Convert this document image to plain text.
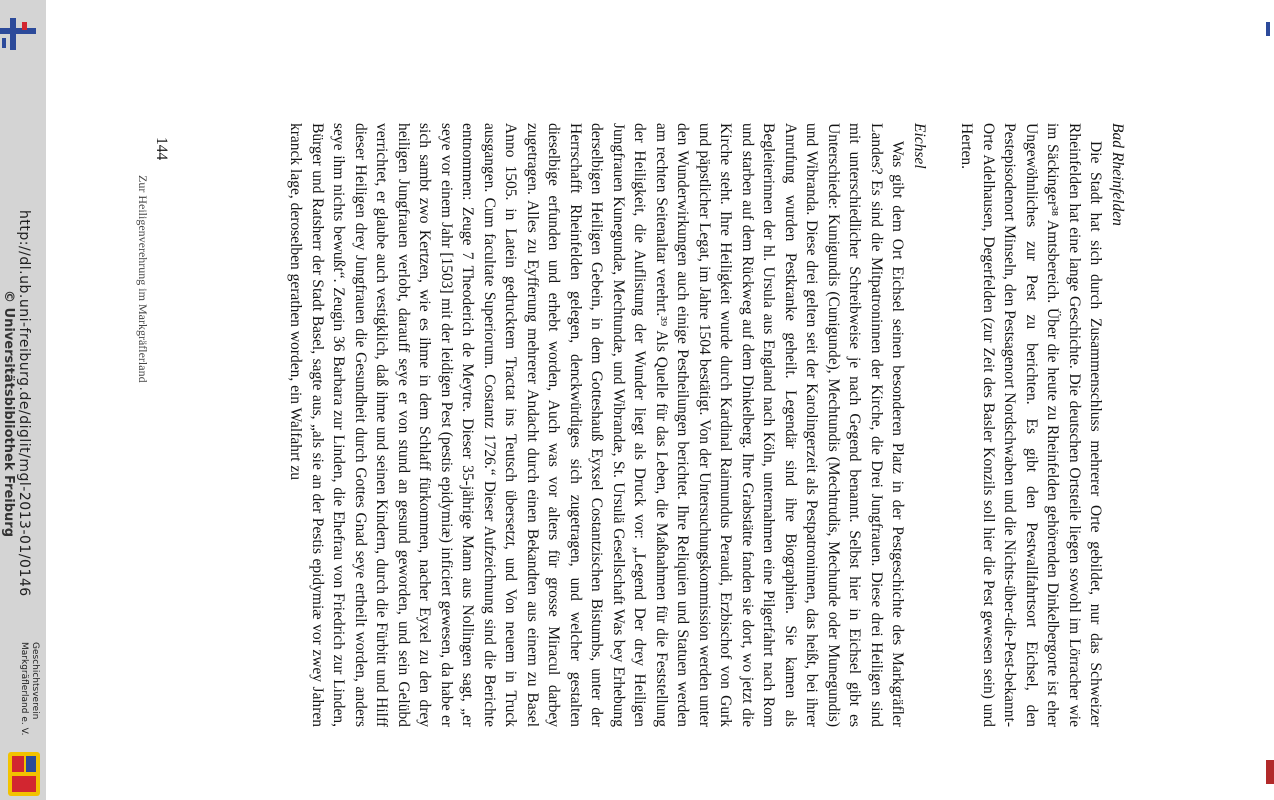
http://dl.ub.uni-freiburg.de/diglit/mgl-2013-01/0146
© Universitätsbibliothek Freiburg
Geschichtsverein
Markgräflerland e. V.
Zur Heiligenverehrung im Markgräflerland
Bad Rheinfelden

Die Stadt hat sich durch Zusammenschluss mehrerer Orte gebildet, nur das Schweizer Rheinfelden hat eine lange Geschichte. Die deutschen Ortsteile liegen sowohl im Lörracher wie im Säckinger³⁸ Amtsbereich. Über die heute zu Rheinfelden gehörenden Dinkelbergorte ist eher Ungewöhnliches zur Pest zu berichten. Es gibt den Pestwallfahrtsort Eichsel, den Pestepisodenort Minseln, den Pestsagenort Nordschwaben und die Nichts-über-die-Pest-bekannt-Orte Adelhausen, Degerfelden (zur Zeit des Basler Konzils soll hier die Pest gewesen sein) und Herten.

Eichsel

Was gibt dem Ort Eichsel seinen besonderen Platz in der Pestgeschichte des Markgräfler Landes? Es sind die Mitpatroninnen der Kirche, die Drei Jungfrauen. Diese drei Heiligen sind mit unterschiedlicher Schreibweise je nach Gegend benannt. Selbst hier in Eichsel gibt es Unterschiede: Kunigundis (Cunigunde), Mechtundis (Mechtrudis, Mechunde oder Munegundis) und Wibranda. Diese drei gelten seit der Karolingerzeit als Pestpatroninnen, das heißt, bei ihrer Anrufung wurden Pestkranke geheilt. Legendär sind ihre Biographien. Sie kamen als Begleiterinnen der hl. Ursula aus England nach Köln, unternahmen eine Pilgerfahrt nach Rom und starben auf dem Rückweg auf dem Dinkelberg. Ihre Grabstätte fanden sie dort, wo jetzt die Kirche steht. Ihre Heiligkeit wurde durch Kardinal Raimundus Peraudi, Erzbischof von Gurk und päpstlicher Legat, im Jahre 1504 bestätigt. Von der Untersuchungskommission werden unter den Wunderwirkungen auch einige Pestheilungen berichtet. Ihre Reliquien und Statuen werden am rechten Seitenaltar verehrt.³⁹ Als Quelle für das Leben, die Maßnahmen für die Feststellung der Heiligkeit, die Auflistung der Wunder liegt als Druck vor: „Legend Der drey Heiligen Jungfrauen Kunegundæ, Mechtundæ, und Wibrandæ, St. Ursulä Gesellschaft Was bey Erhebung derselbigen Heiligen Gebein, in dem Gotteshauß Eyxsel Costantzischen Bistumbs, unter der Herrschafft Rheinfelden gelegen, denckwürdiges sich zugetragen, und welcher gestalten dieselbige erfunden und erhebt worden, Auch was vor alters für grosse Miracul darbey zugetragen. Alles zu Eyfferung mehrerer Andacht durch einen Bekandten aus einem zu Basel Anno 1505. in Latein gedrucktem Tractat ins Teutsch übersetzt, und Von neuem in Truck ausgangen. Cum facultate Superiorum. Costantz 1726.“ Dieser Aufzeichnung sind die Berichte entnommen: Zeuge 7 Theoderich de Meytre. Dieser 35-jährige Mann aus Nollingen sagt, „er seye vor einem Jahr [1503] mit der leidigen Pest (pestis epidymiæ) inficiert gewesen, da habe er sich sambt zwo Kertzen, wie es ihme in dem Schlaff fürkommen, nacher Eyxel zu den drey heiligen Jungfrauen verlobt, darauff seye er von stund an gesund geworden, und sein Gelübd verrichtet, er glaube auch vestigklich, daß ihme und seinen Kindern, durch die Fürbitt und Hilff dieser Heiligen drey Jungfrauen die Gesundheit durch Gottes Gnad seye ertheilt worden, anders seye ihm nichts bewußt“. Zeugin 36 Barbara zur Linden, die Ehefrau von Friedrich zur Linden, Bürger und Ratsherr der Stadt Basel, sagte aus, „als sie an der Pestis epidymiæ vor zwey Jahren kranck lage, deroselben gerathen worden, ein Walfahrt zu

144
